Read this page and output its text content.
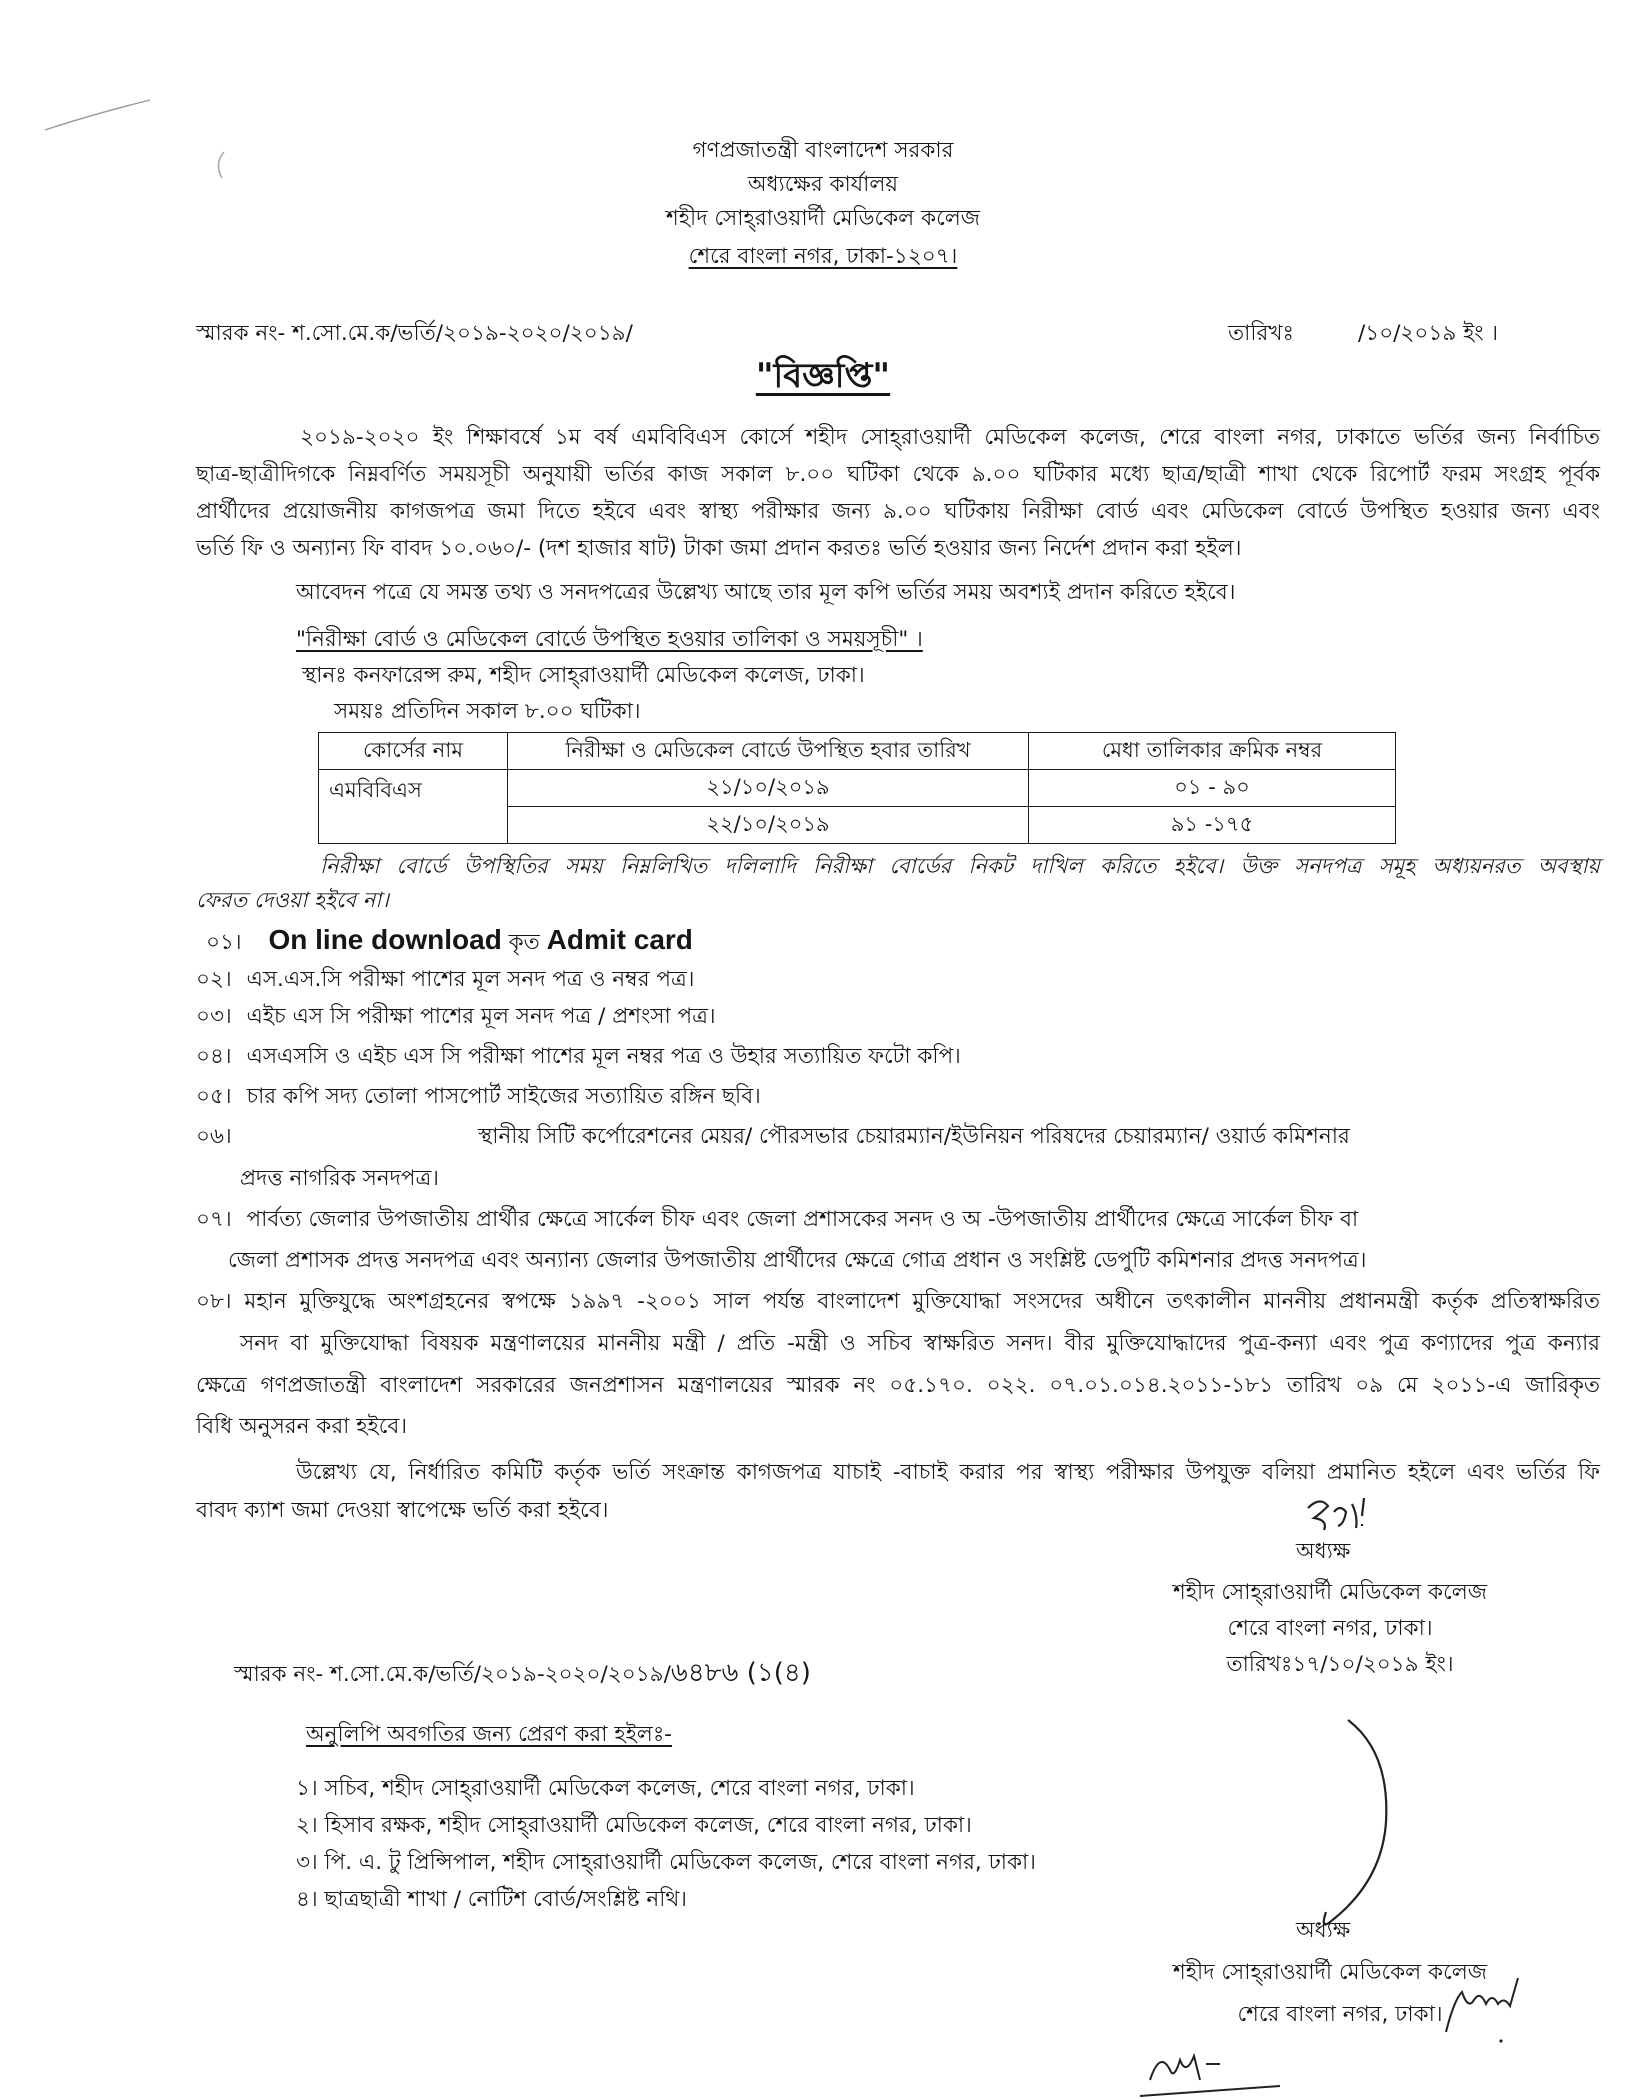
গণপ্রজাতন্ত্রী বাংলাদেশ সরকার
অধ্যক্ষের কার্যালয়
শহীদ সোহ্‌রাওয়ার্দী মেডিকেল কলেজ
শেরে বাংলা নগর, ঢাকা-১২০৭।
স্মারক নং- শ.সো.মে.ক/ভর্তি/২০১৯-২০২০/২০১৯/	তারিখঃ	/১০/২০১৯ ইং ।
"বিজ্ঞপ্তি"
২০১৯-২০২০ ইং শিক্ষাবর্ষে ১ম বর্ষ এমবিবিএস কোর্সে শহীদ সোহ্‌রাওয়ার্দী মেডিকেল কলেজ, শেরে বাংলা নগর, ঢাকাতে ভর্তির জন্য নির্বাচিত
ছাত্র-ছাত্রীদিগকে নিম্নবর্ণিত সময়সূচী অনুযায়ী ভর্তির কাজ সকাল ৮.০০ ঘটিকা থেকে ৯.০০ ঘটিকার মধ্যে ছাত্র/ছাত্রী শাখা থেকে রিপোর্ট ফরম সংগ্রহ পূর্বক
প্রার্থীদের প্রয়োজনীয় কাগজপত্র জমা দিতে হইবে এবং স্বাস্থ্য পরীক্ষার জন্য ৯.০০ ঘটিকায় নিরীক্ষা বোর্ড এবং মেডিকেল বোর্ডে উপস্থিত হওয়ার জন্য এবং
ভর্তি ফি ও অন্যান্য ফি বাবদ ১০.০৬০/- (দশ হাজার ষাট) টাকা জমা প্রদান করতঃ ভর্তি হওয়ার জন্য নির্দেশ প্রদান করা হইল।
আবেদন পত্রে যে সমস্ত তথ্য ও সনদপত্রের উল্লেখ্য আছে তার মূল কপি ভর্তির সময় অবশ্যই প্রদান করিতে হইবে।
"নিরীক্ষা বোর্ড ও মেডিকেল বোর্ডে উপস্থিত হওয়ার তালিকা ও সময়সূচী" ।
স্থানঃ কনফারেন্স রুম, শহীদ সোহ্‌রাওয়ার্দী মেডিকেল কলেজ, ঢাকা।
সময়ঃ প্রতিদিন সকাল ৮.০০ ঘটিকা।
কোর্সের নাম	নিরীক্ষা ও মেডিকেল বোর্ডে উপস্থিত হবার তারিখ	মেধা তালিকার ক্রমিক নম্বর
এমবিবিএস	২১/১০/২০১৯	০১ - ৯০
	২২/১০/২০১৯	৯১ -১৭৫
নিরীক্ষা বোর্ডে উপস্থিতির সময় নিম্নলিখিত দলিলাদি নিরীক্ষা বোর্ডের নিকট দাখিল করিতে হইবে। উক্ত সনদপত্র সমূহ অধ্যয়নরত অবস্থায়
ফেরত দেওয়া হইবে না।
০১। On line download কৃত Admit card
০২। এস.এস.সি পরীক্ষা পাশের মূল সনদ পত্র ও নম্বর পত্র।
০৩। এইচ এস সি পরীক্ষা পাশের মূল সনদ পত্র / প্রশংসা পত্র।
০৪। এসএসসি ও এইচ এস সি পরীক্ষা পাশের মূল নম্বর পত্র ও উহার সত্যায়িত ফটো কপি।
০৫। চার কপি সদ্য তোলা পাসপোর্ট সাইজের সত্যায়িত রঙ্গিন ছবি।
০৬।	স্থানীয় সিটি কর্পোরেশনের মেয়র/ পৌরসভার চেয়ারম্যান/ইউনিয়ন পরিষদের চেয়ারম্যান/ ওয়ার্ড কমিশনার
প্রদত্ত নাগরিক সনদপত্র।
০৭। পার্বত্য জেলার উপজাতীয় প্রার্থীর ক্ষেত্রে সার্কেল চীফ এবং জেলা প্রশাসকের সনদ ও অ -উপজাতীয় প্রার্থীদের ক্ষেত্রে সার্কেল চীফ বা
জেলা প্রশাসক প্রদত্ত সনদপত্র এবং অন্যান্য জেলার উপজাতীয় প্রার্থীদের ক্ষেত্রে গোত্র প্রধান ও সংশ্লিষ্ট ডেপুটি কমিশনার প্রদত্ত সনদপত্র।
০৮। মহান মুক্তিযুদ্ধে অংশগ্রহনের স্বপক্ষে ১৯৯৭ -২০০১ সাল পর্যন্ত বাংলাদেশ মুক্তিযোদ্ধা সংসদের অধীনে তৎকালীন মাননীয় প্রধানমন্ত্রী কর্তৃক প্রতিস্বাক্ষরিত
সনদ বা মুক্তিযোদ্ধা বিষয়ক মন্ত্রণালয়ের মাননীয় মন্ত্রী / প্রতি -মন্ত্রী ও সচিব স্বাক্ষরিত সনদ। বীর মুক্তিযোদ্ধাদের পুত্র-কন্যা এবং পুত্র কণ্যাদের পুত্র কন্যার
ক্ষেত্রে গণপ্রজাতন্ত্রী বাংলাদেশ সরকারের জনপ্রশাসন মন্ত্রণালয়ের স্মারক নং ০৫.১৭০. ০২২. ০৭.০১.০১৪.২০১১-১৮১ তারিখ ০৯ মে ২০১১-এ জারিকৃত
বিধি অনুসরন করা হইবে।
উল্লেখ্য যে, নির্ধারিত কমিটি কর্তৃক ভর্তি সংক্রান্ত কাগজপত্র যাচাই -বাচাই করার পর স্বাস্থ্য পরীক্ষার উপযুক্ত বলিয়া প্রমানিত হইলে এবং ভর্তির ফি
বাবদ ক্যাশ জমা দেওয়া স্বাপেক্ষে ভর্তি করা হইবে।
অধ্যক্ষ
শহীদ সোহ্‌রাওয়ার্দী মেডিকেল কলেজ
শেরে বাংলা নগর, ঢাকা।
তারিখঃ১৭/১০/২০১৯ ইং।
স্মারক নং- শ.সো.মে.ক/ভর্তি/২০১৯-২০২০/২০১৯/৬৪৮৬ (১(৪)
অনুলিপি অবগতির জন্য প্রেরণ করা হইলঃ-
১। সচিব, শহীদ সোহ্‌রাওয়ার্দী মেডিকেল কলেজ, শেরে বাংলা নগর, ঢাকা।
২। হিসাব রক্ষক, শহীদ সোহ্‌রাওয়ার্দী মেডিকেল কলেজ, শেরে বাংলা নগর, ঢাকা।
৩। পি. এ. টু প্রিন্সিপাল, শহীদ সোহ্‌রাওয়ার্দী মেডিকেল কলেজ, শেরে বাংলা নগর, ঢাকা।
৪। ছাত্রছাত্রী শাখা / নোটিশ বোর্ড/সংশ্লিষ্ট নথি।
অধ্যক্ষ
শহীদ সোহ্‌রাওয়ার্দী মেডিকেল কলেজ
শেরে বাংলা নগর, ঢাকা।
